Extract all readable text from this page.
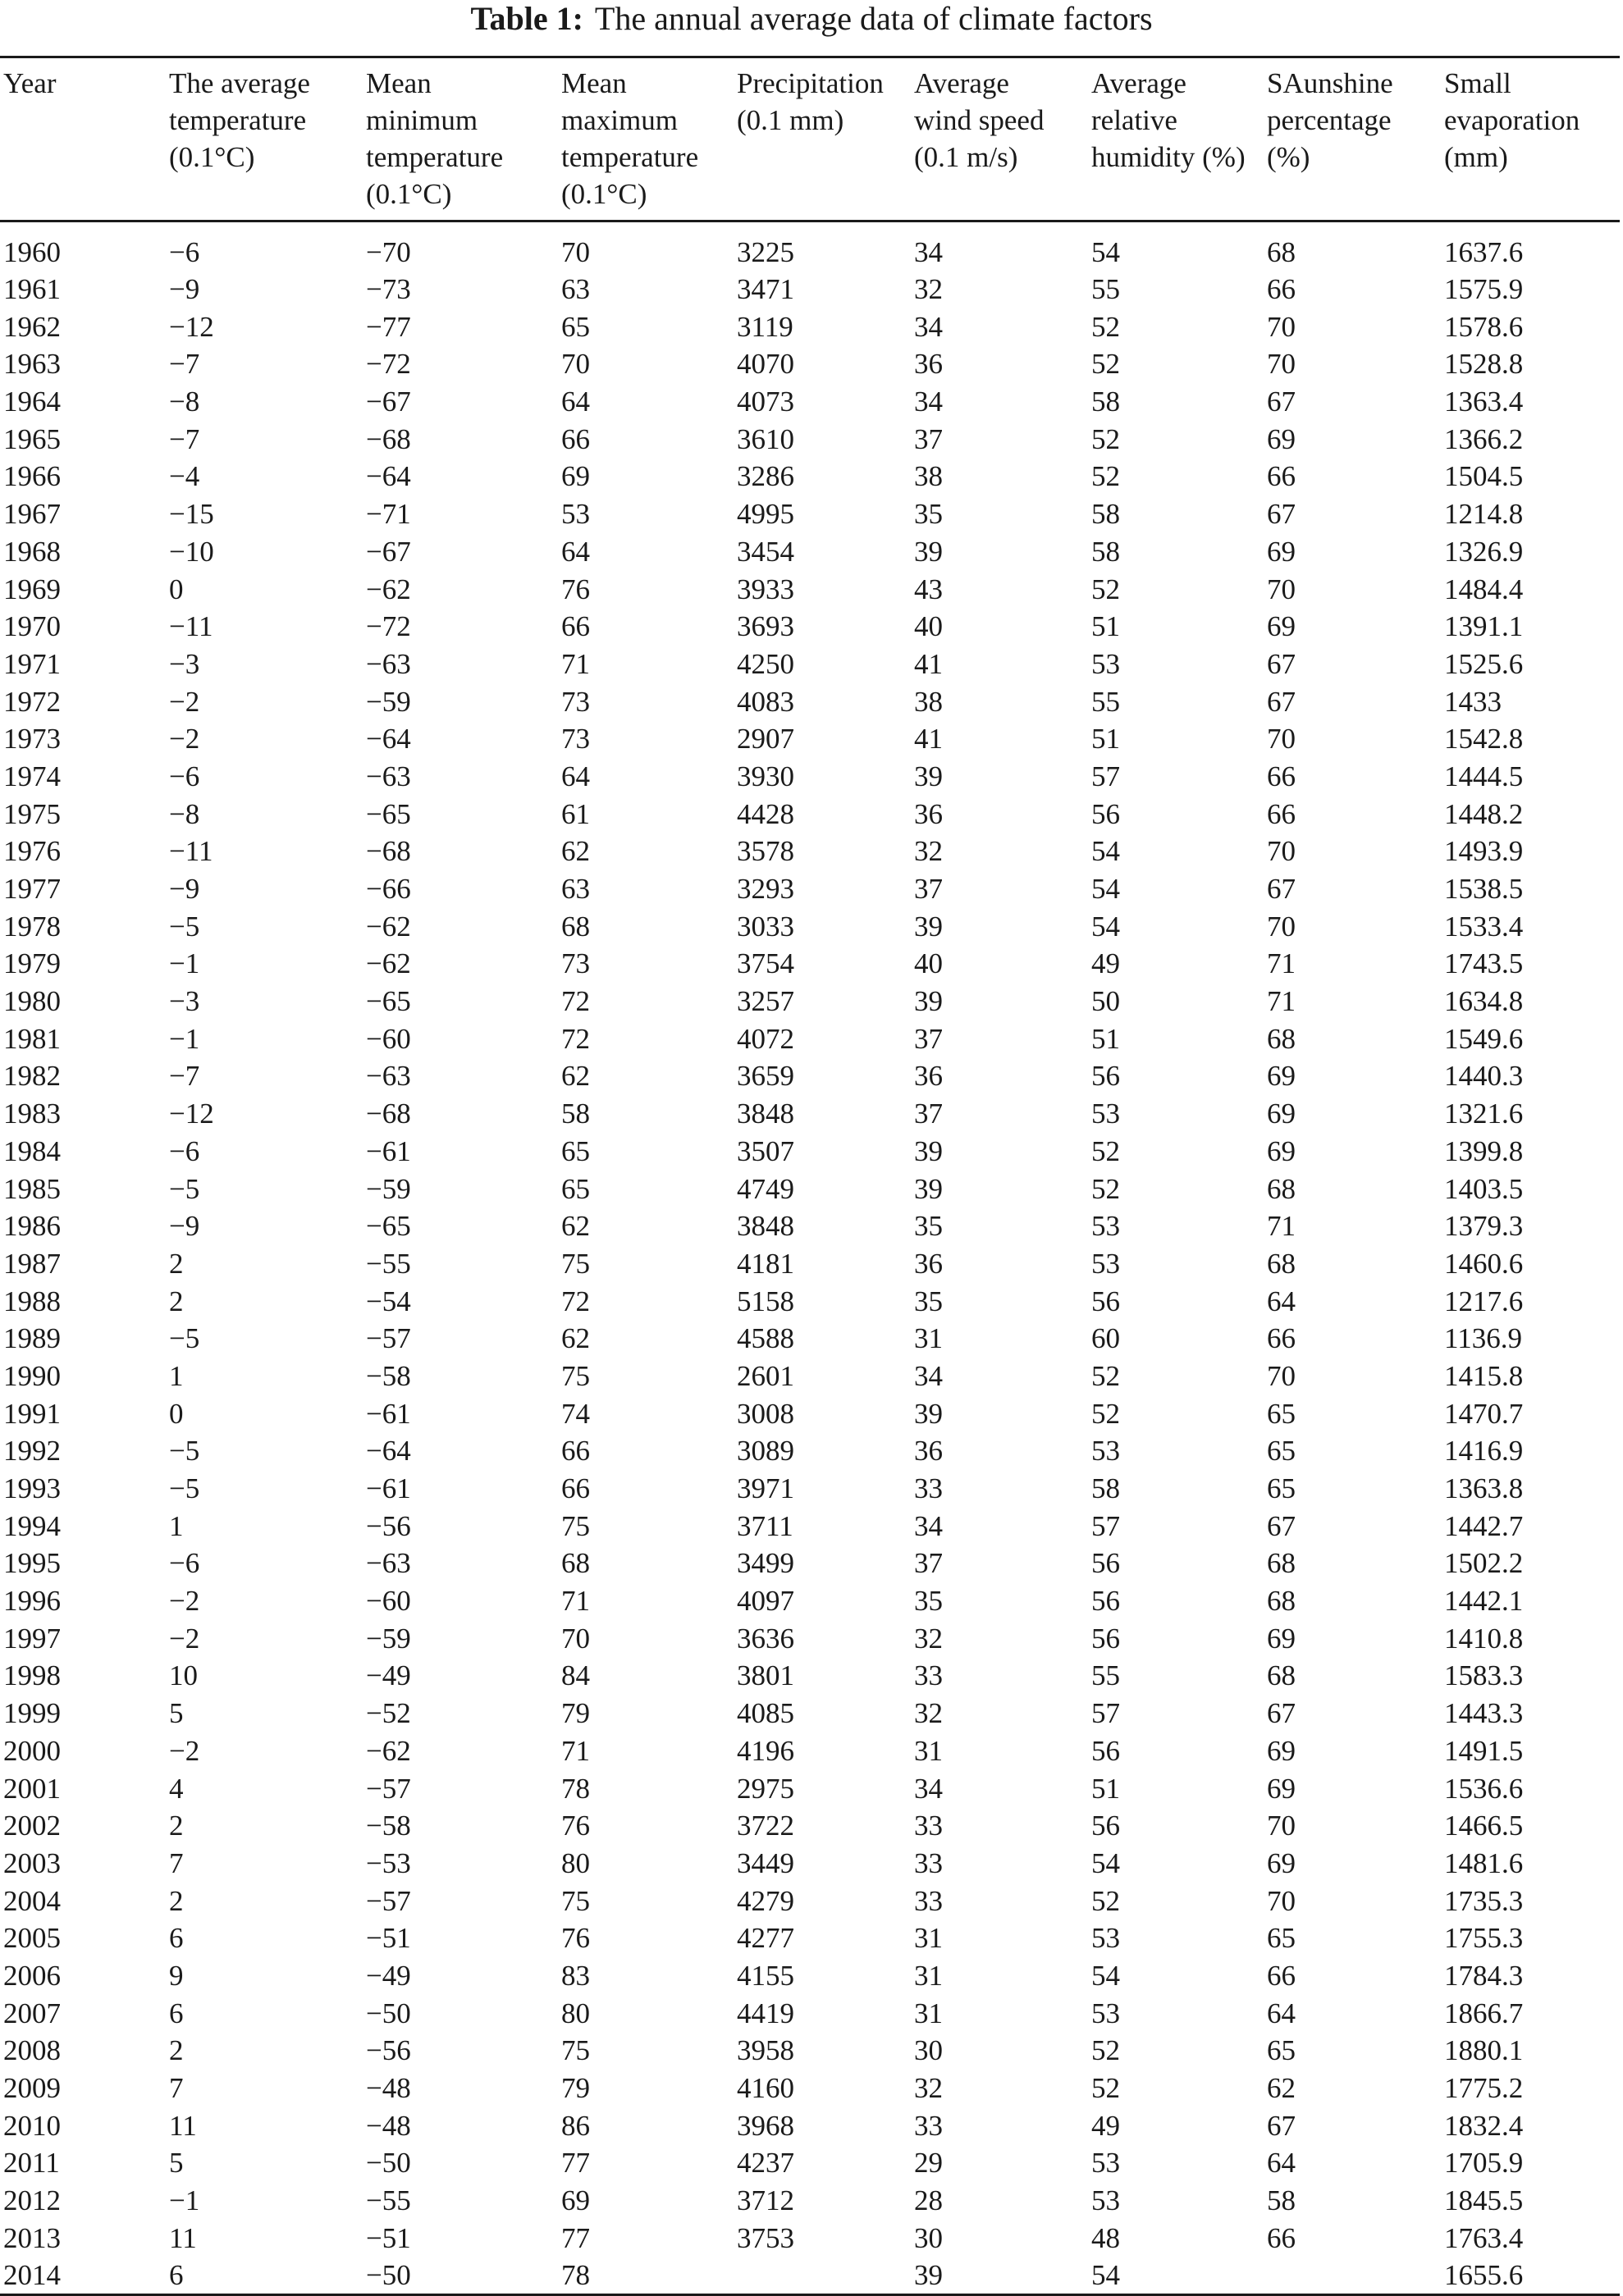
Table 1: The annual average data of climate factors
Year	The average
temperature
(0.1°C)	Mean
minimum
temperature
(0.1°C)	Mean
maximum
temperature
(0.1°C)	Precipitation
(0.1 mm)	Average
wind speed
(0.1 m/s)	Average
relative
humidity (%)	SAunshine
percentage
(%)	Small
evaporation
(mm)
1960	−6	−70	70	3225	34	54	68	1637.6
1961	−9	−73	63	3471	32	55	66	1575.9
1962	−12	−77	65	3119	34	52	70	1578.6
1963	−7	−72	70	4070	36	52	70	1528.8
1964	−8	−67	64	4073	34	58	67	1363.4
1965	−7	−68	66	3610	37	52	69	1366.2
1966	−4	−64	69	3286	38	52	66	1504.5
1967	−15	−71	53	4995	35	58	67	1214.8
1968	−10	−67	64	3454	39	58	69	1326.9
1969	0	−62	76	3933	43	52	70	1484.4
1970	−11	−72	66	3693	40	51	69	1391.1
1971	−3	−63	71	4250	41	53	67	1525.6
1972	−2	−59	73	4083	38	55	67	1433
1973	−2	−64	73	2907	41	51	70	1542.8
1974	−6	−63	64	3930	39	57	66	1444.5
1975	−8	−65	61	4428	36	56	66	1448.2
1976	−11	−68	62	3578	32	54	70	1493.9
1977	−9	−66	63	3293	37	54	67	1538.5
1978	−5	−62	68	3033	39	54	70	1533.4
1979	−1	−62	73	3754	40	49	71	1743.5
1980	−3	−65	72	3257	39	50	71	1634.8
1981	−1	−60	72	4072	37	51	68	1549.6
1982	−7	−63	62	3659	36	56	69	1440.3
1983	−12	−68	58	3848	37	53	69	1321.6
1984	−6	−61	65	3507	39	52	69	1399.8
1985	−5	−59	65	4749	39	52	68	1403.5
1986	−9	−65	62	3848	35	53	71	1379.3
1987	2	−55	75	4181	36	53	68	1460.6
1988	2	−54	72	5158	35	56	64	1217.6
1989	−5	−57	62	4588	31	60	66	1136.9
1990	1	−58	75	2601	34	52	70	1415.8
1991	0	−61	74	3008	39	52	65	1470.7
1992	−5	−64	66	3089	36	53	65	1416.9
1993	−5	−61	66	3971	33	58	65	1363.8
1994	1	−56	75	3711	34	57	67	1442.7
1995	−6	−63	68	3499	37	56	68	1502.2
1996	−2	−60	71	4097	35	56	68	1442.1
1997	−2	−59	70	3636	32	56	69	1410.8
1998	10	−49	84	3801	33	55	68	1583.3
1999	5	−52	79	4085	32	57	67	1443.3
2000	−2	−62	71	4196	31	56	69	1491.5
2001	4	−57	78	2975	34	51	69	1536.6
2002	2	−58	76	3722	33	56	70	1466.5
2003	7	−53	80	3449	33	54	69	1481.6
2004	2	−57	75	4279	33	52	70	1735.3
2005	6	−51	76	4277	31	53	65	1755.3
2006	9	−49	83	4155	31	54	66	1784.3
2007	6	−50	80	4419	31	53	64	1866.7
2008	2	−56	75	3958	30	52	65	1880.1
2009	7	−48	79	4160	32	52	62	1775.2
2010	11	−48	86	3968	33	49	67	1832.4
2011	5	−50	77	4237	29	53	64	1705.9
2012	−1	−55	69	3712	28	53	58	1845.5
2013	11	−51	77	3753	30	48	66	1763.4
2014	6	−50	78		39	54		1655.6
